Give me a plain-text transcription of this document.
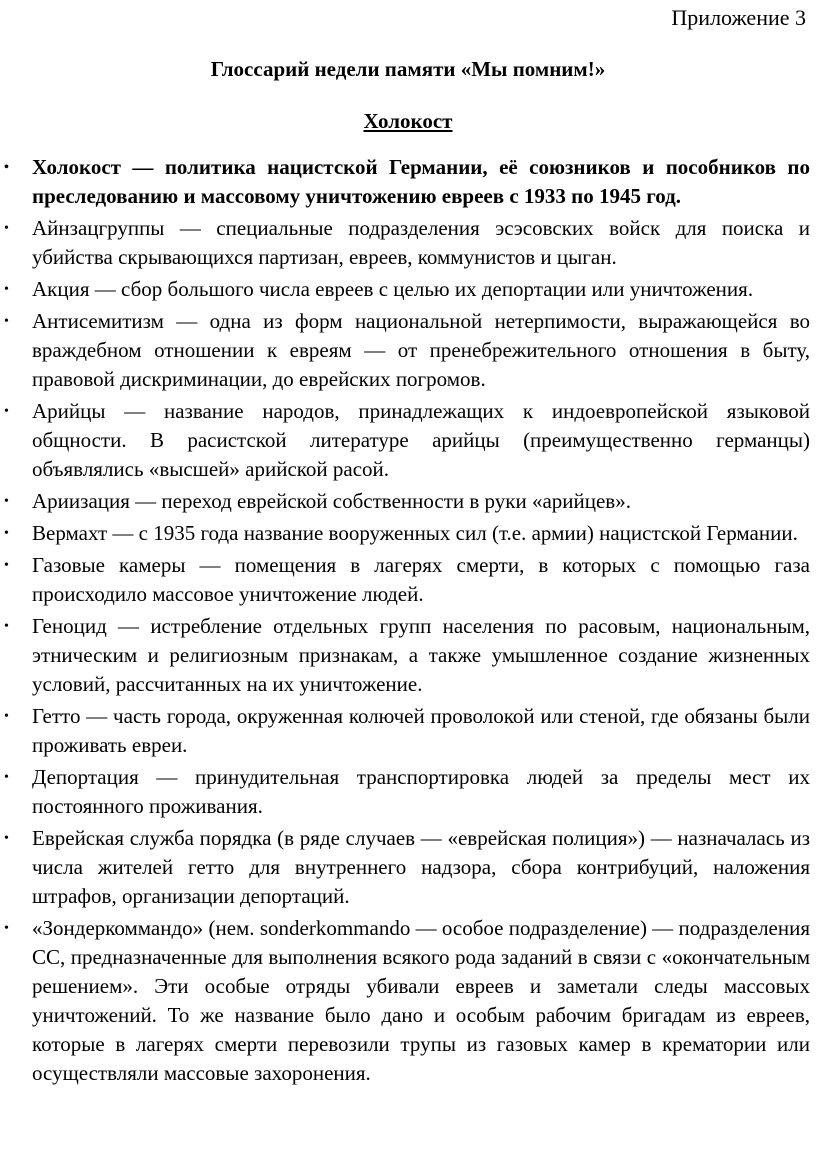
Приложение 3
Глоссарий недели памяти «Мы помним!»
Холокост
• Холокост — политика нацистской Германии, её союзников и пособников по преследованию и массовому уничтожению евреев с 1933 по 1945 год.
• Айнзацгруппы — специальные подразделения эсэсовских войск для поиска и убийства скрывающихся партизан, евреев, коммунистов и цыган.
• Акция — сбор большого числа евреев с целью их депортации или уничтожения.
• Антисемитизм — одна из форм национальной нетерпимости, выражающейся во враждебном отношении к евреям — от пренебрежительного отношения в быту, правовой дискриминации, до еврейских погромов.
• Арийцы — название народов, принадлежащих к индоевропейской языковой общности. В расистской литературе арийцы (преимущественно германцы) объявлялись «высшей» арийской расой.
• Ариизация — переход еврейской собственности в руки «арийцев».
• Вермахт — с 1935 года название вооруженных сил (т.е. армии) нацистской Германии.
• Газовые камеры — помещения в лагерях смерти, в которых с помощью газа происходило массовое уничтожение людей.
• Геноцид — истребление отдельных групп населения по расовым, национальным, этническим и религиозным признакам, а также умышленное создание жизненных условий, рассчитанных на их уничтожение.
• Гетто — часть города, окруженная колючей проволокой или стеной, где обязаны были проживать евреи.
• Депортация — принудительная транспортировка людей за пределы мест их постоянного проживания.
• Еврейская служба порядка (в ряде случаев — «еврейская полиция») — назначалась из числа жителей гетто для внутреннего надзора, сбора контрибуций, наложения штрафов, организации депортаций.
• «Зондеркоммандо» (нем. sonderkommando — особое подразделение) — подразделения СС, предназначенные для выполнения всякого рода заданий в связи с «окончательным решением». Эти особые отряды убивали евреев и заметали следы массовых уничтожений. То же название было дано и особым рабочим бригадам из евреев, которые в лагерях смерти перевозили трупы из газовых камер в крематории или осуществляли массовые захоронения.
